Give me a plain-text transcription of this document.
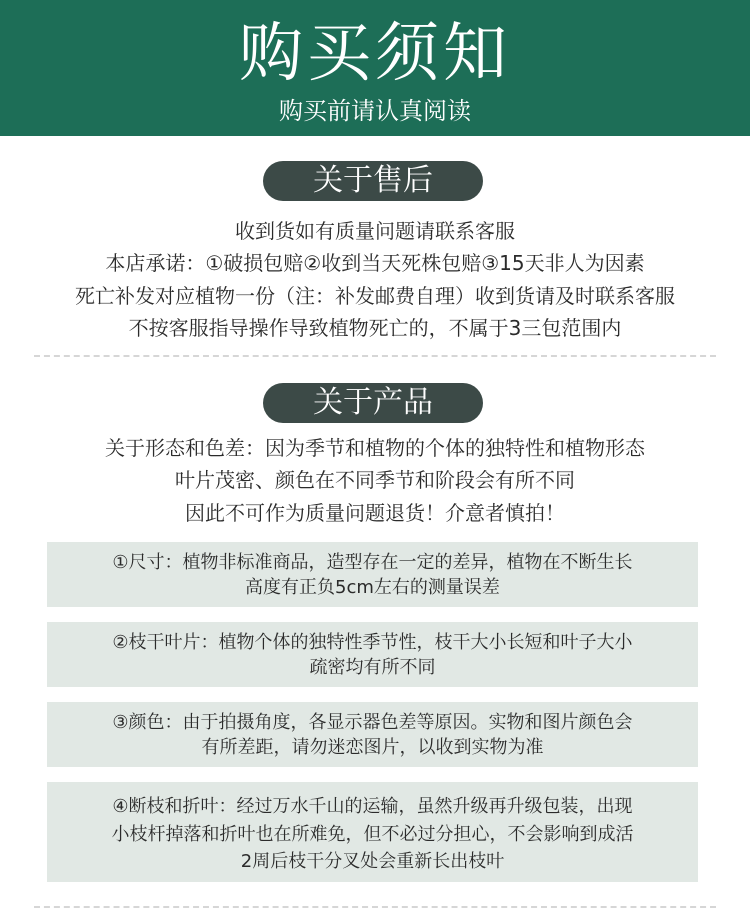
购买须知
购买前请认真阅读
关于售后
收到货如有质量问题请联系客服
本店承诺：①破损包赔②收到当天死株包赔③15天非人为因素
死亡补发对应植物一份（注：补发邮费自理）收到货请及时联系客服
不按客服指导操作导致植物死亡的，不属于3三包范围内
关于产品
关于形态和色差：因为季节和植物的个体的独特性和植物形态
叶片茂密、颜色在不同季节和阶段会有所不同
因此不可作为质量问题退货！介意者慎拍！
①尺寸：植物非标准商品，造型存在一定的差异，植物在不断生长
高度有正负5cm左右的测量误差
②枝干叶片：植物个体的独特性季节性，枝干大小长短和叶子大小
疏密均有所不同
③颜色：由于拍摄角度，各显示器色差等原因。实物和图片颜色会
有所差距，请勿迷恋图片，以收到实物为准
④断枝和折叶：经过万水千山的运输，虽然升级再升级包装，出现
小枝杆掉落和折叶也在所难免，但不必过分担心，不会影响到成活
2周后枝干分叉处会重新长出枝叶
